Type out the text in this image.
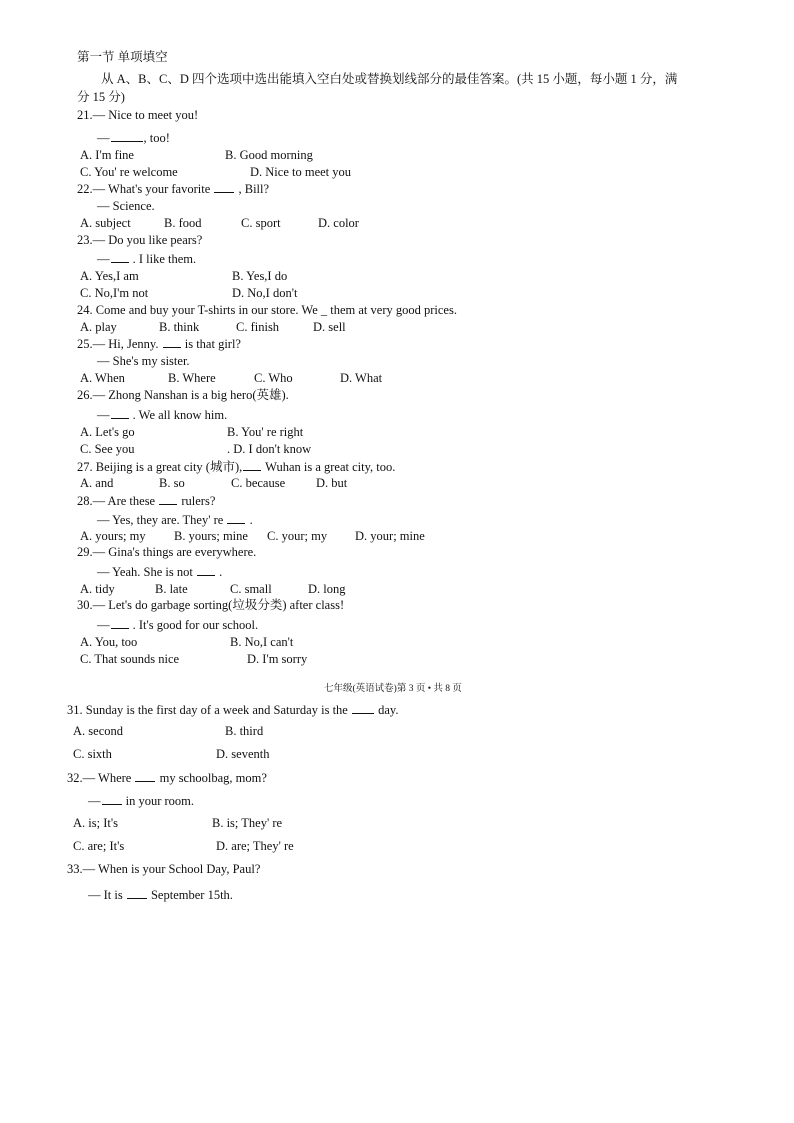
第一节 单项填空
从 A、B、C、D 四个选项中选出能填入空白处或替换划线部分的最佳答案。(共 15 小题，每小题 1 分，满
分 15 分)
21.— Nice to meet you!
—	, too!
A. I'm fine	B. Good morning
C. You' re welcome	D. Nice to meet you
22.— What's your favorite  , Bill?
— Science.
A. subject	B. food	C. sport	D. color
23.— Do you like pears?
— . I like them.
A. Yes,I am	B. Yes,I do
C. No,I'm not	D. No,I don't
24. Come and buy your T-shirts in our store. We _ them at very good prices.
A. play	B. think	C. finish	D. sell
25.— Hi, Jenny.  is that girl?
— She's my sister.
A. When	B. Where	C. Who	D. What
26.— Zhong Nanshan is a big hero(英雄).
— . We all know him.
A. Let's go	B. You' re right
C. See you	. D. I don't know
27. Beijing is a great city (城市), Wuhan is a great city, too.
A. and	B. so	C. because D. but
28.— Are these  rulers?
— Yes, they are. They' re  .
A. yours; my B. yours; mine C. your; my D. your; mine
29.— Gina's things are everywhere.
— Yeah. She is not  .
A. tidy	B. late	C. small	D. long
30.— Let's do garbage sorting(垃圾分类) after class!
— . It's good for our school.
A. You, too	B. No,I can't
C. That sounds nice	D. I'm sorry
七年级(英语试卷)第 3 页 • 共 8 页
31. Sunday is the first day of a week and Saturday is the  day.
A. second	B. third
C. sixth	D. seventh
32.— Where  my schoolbag, mom?
— in your room.
A. is; It's	B. is; They' re
C. are; It's	D. are; They' re
33.— When is your School Day, Paul?
— It is  September 15th.
